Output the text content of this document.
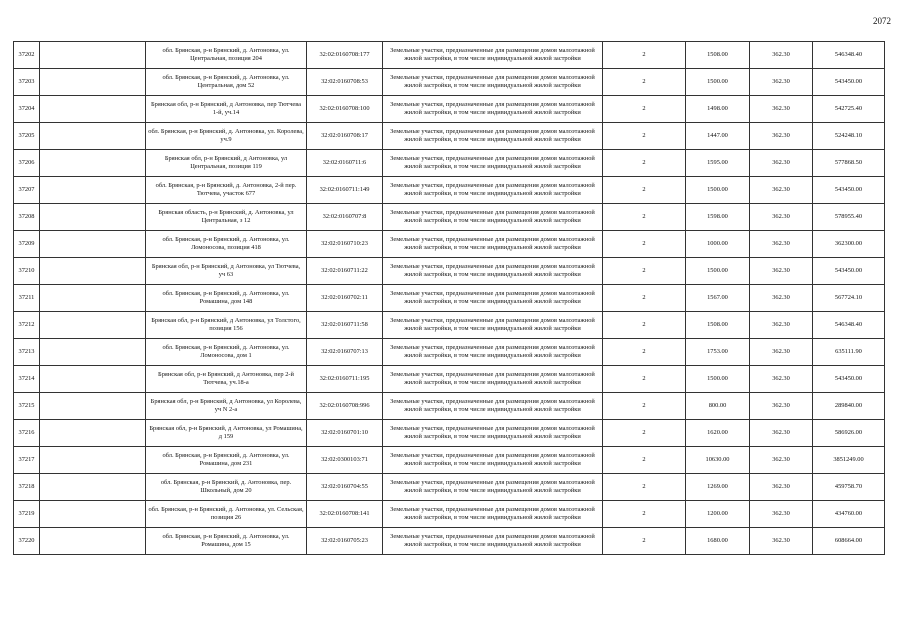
2072
37202		обл. Брянская, р-н Брянский, д. Антоновка, ул. Центральная, позиция 204	32:02:0160708:177	Земельные участки, предназначенные для размещения домов малоэтажной жилой застройки, в том числе индивидуальной жилой застройки	2	1508.00	362.30	546348.40
37203		обл. Брянская, р-н Брянский, д. Антоновка, ул. Центральная, дом 52	32:02:0160708:53	Земельные участки, предназначенные для размещения домов малоэтажной жилой застройки, в том числе индивидуальной жилой застройки	2	1500.00	362.30	543450.00
37204		Брянская обл, р-н Брянский, д Антоновка, пер Тютчева 1-й, уч.14	32:02:0160708:100	Земельные участки, предназначенные для размещения домов малоэтажной жилой застройки, в том числе индивидуальной жилой застройки	2	1498.00	362.30	542725.40
37205		обл. Брянская, р-н Брянский, д. Антоновка, ул. Королева, уч.9	32:02:0160708:17	Земельные участки, предназначенные для размещения домов малоэтажной жилой застройки, в том числе индивидуальной жилой застройки	2	1447.00	362.30	524248.10
37206		Брянская обл, р-н Брянский, д Антоновка, ул Центральная, позиция 119	32:02:0160711:6	Земельные участки, предназначенные для размещения домов малоэтажной жилой застройки, в том числе индивидуальной жилой застройки	2	1595.00	362.30	577868.50
37207		обл. Брянская, р-н Брянский, д. Антоновка, 2-й пер. Тютчева, участок 677	32:02:0160711:149	Земельные участки, предназначенные для размещения домов малоэтажной жилой застройки, в том числе индивидуальной жилой застройки	2	1500.00	362.30	543450.00
37208		Брянская область, р-н Брянский, д. Антоновка, ул Центральная, з 12	32:02:0160707:8	Земельные участки, предназначенные для размещения домов малоэтажной жилой застройки, в том числе индивидуальной жилой застройки	2	1598.00	362.30	578955.40
37209		обл. Брянская, р-н Брянский, д. Антоновка, ул. Ломоносова, позиция 418	32:02:0160710:23	Земельные участки, предназначенные для размещения домов малоэтажной жилой застройки, в том числе индивидуальной жилой застройки	2	1000.00	362.30	362300.00
37210		Брянская обл, р-н Брянский, д Антоновка, ул Тютчева, уч 63	32:02:0160711:22	Земельные участки, предназначенные для размещения домов малоэтажной жилой застройки, в том числе индивидуальной жилой застройки	2	1500.00	362.30	543450.00
37211		обл. Брянская, р-н Брянский, д. Антоновка, ул. Ромашина, дом 148	32:02:0160702:11	Земельные участки, предназначенные для размещения домов малоэтажной жилой застройки, в том числе индивидуальной жилой застройки	2	1567.00	362.30	567724.10
37212		Брянская обл, р-н Брянский, д Антоновка, ул Толстого, позиция 156	32:02:0160711:58	Земельные участки, предназначенные для размещения домов малоэтажной жилой застройки, в том числе индивидуальной жилой застройки	2	1508.00	362.30	546348.40
37213		обл. Брянская, р-н Брянский, д. Антоновка, ул. Ломоносова, дом 1	32:02:0160707:13	Земельные участки, предназначенные для размещения домов малоэтажной жилой застройки, в том числе индивидуальной жилой застройки	2	1753.00	362.30	635111.90
37214		Брянская обл, р-н Брянский, д Антоновка, пер 2-й Тютчева, уч.18-а	32:02:0160711:195	Земельные участки, предназначенные для размещения домов малоэтажной жилой застройки, в том числе индивидуальной жилой застройки	2	1500.00	362.30	543450.00
37215		Брянская обл, р-н Брянский, д Антоновка, ул Королева, уч N 2-а	32:02:0160708:996	Земельные участки, предназначенные для размещения домов малоэтажной жилой застройки, в том числе индивидуальной жилой застройки	2	800.00	362.30	289840.00
37216		Брянская обл, р-н Брянский, д Антоновка, ул Ромашина, д 159	32:02:0160701:10	Земельные участки, предназначенные для размещения домов малоэтажной жилой застройки, в том числе индивидуальной жилой застройки	2	1620.00	362.30	586926.00
37217		обл. Брянская, р-н Брянский, д. Антоновка, ул. Ромашина, дом 231	32:02:0300103:71	Земельные участки, предназначенные для размещения домов малоэтажной жилой застройки, в том числе индивидуальной жилой застройки	2	10630.00	362.30	3851249.00
37218		обл. Брянская, р-н Брянский, д. Антоновка, пер. Школьный, дом 20	32:02:0160704:55	Земельные участки, предназначенные для размещения домов малоэтажной жилой застройки, в том числе индивидуальной жилой застройки	2	1269.00	362.30	459758.70
37219		обл. Брянская, р-н Брянский, д. Антоновка, ул. Сельская, позиция 26	32:02:0160708:141	Земельные участки, предназначенные для размещения домов малоэтажной жилой застройки, в том числе индивидуальной жилой застройки	2	1200.00	362.30	434760.00
37220		обл. Брянская, р-н Брянский, д. Антоновка, ул. Ромашина, дом 15	32:02:0160705:23	Земельные участки, предназначенные для размещения домов малоэтажной жилой застройки, в том числе индивидуальной жилой застройки	2	1680.00	362.30	608664.00
